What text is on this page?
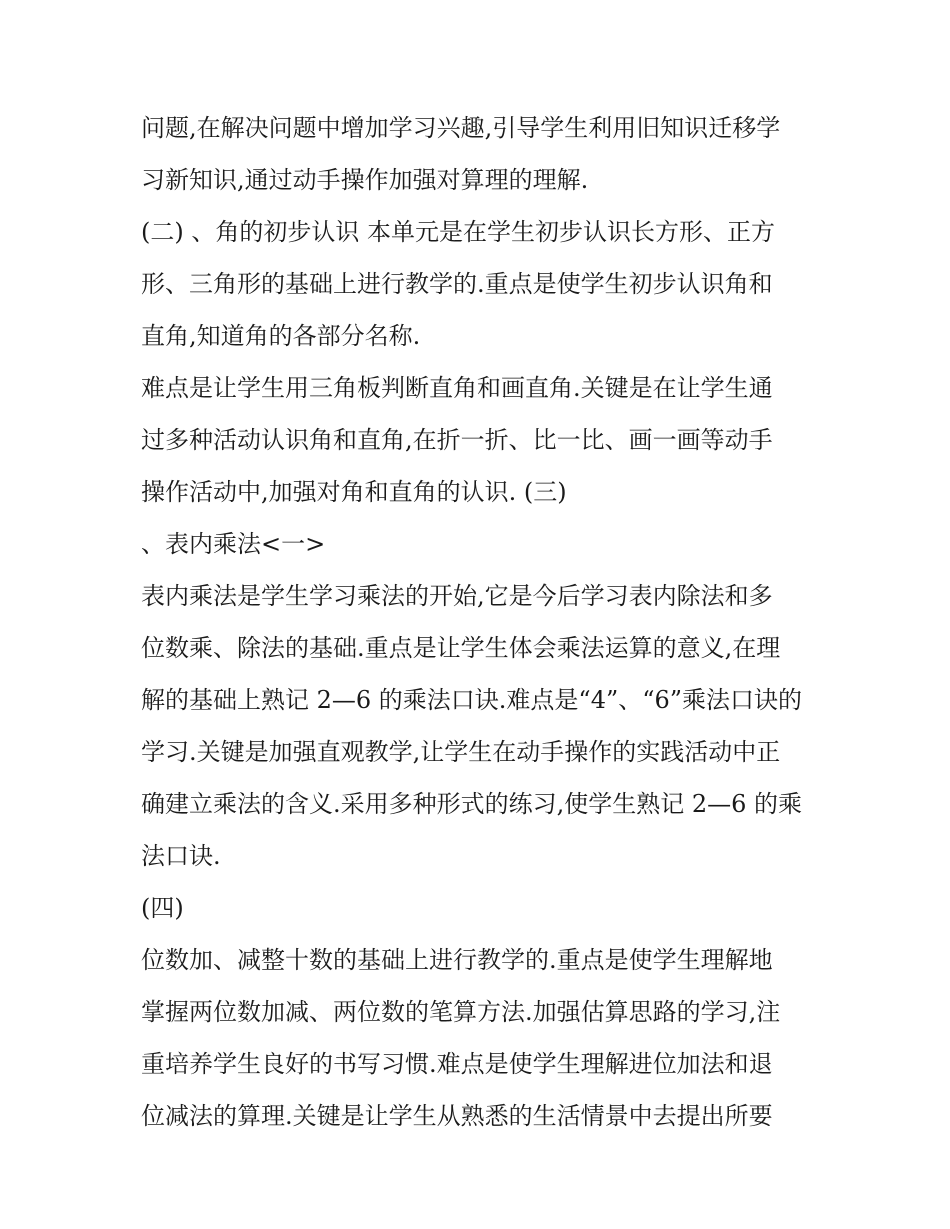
问题,在解决问题中增加学习兴趣,引导学生利用旧知识迁移学
习新知识,通过动手操作加强对算理的理解.
(二) 、角的初步认识 本单元是在学生初步认识长方形、正方
形、三角形的基础上进行教学的.重点是使学生初步认识角和
直角,知道角的各部分名称.
难点是让学生用三角板判断直角和画直角.关键是在让学生通
过多种活动认识角和直角,在折一折、比一比、画一画等动手
操作活动中,加强对角和直角的认识. (三)
、表内乘法<一>
表内乘法是学生学习乘法的开始,它是今后学习表内除法和多
位数乘、除法的基础.重点是让学生体会乘法运算的意义,在理
解的基础上熟记 2—6 的乘法口诀.难点是“4”、“6”乘法口诀的
学习.关键是加强直观教学,让学生在动手操作的实践活动中正
确建立乘法的含义.采用多种形式的练习,使学生熟记 2—6 的乘
法口诀.
(四)
位数加、减整十数的基础上进行教学的.重点是使学生理解地
掌握两位数加减、两位数的笔算方法.加强估算思路的学习,注
重培养学生良好的书写习惯.难点是使学生理解进位加法和退
位减法的算理.关键是让学生从熟悉的生活情景中去提出所要
